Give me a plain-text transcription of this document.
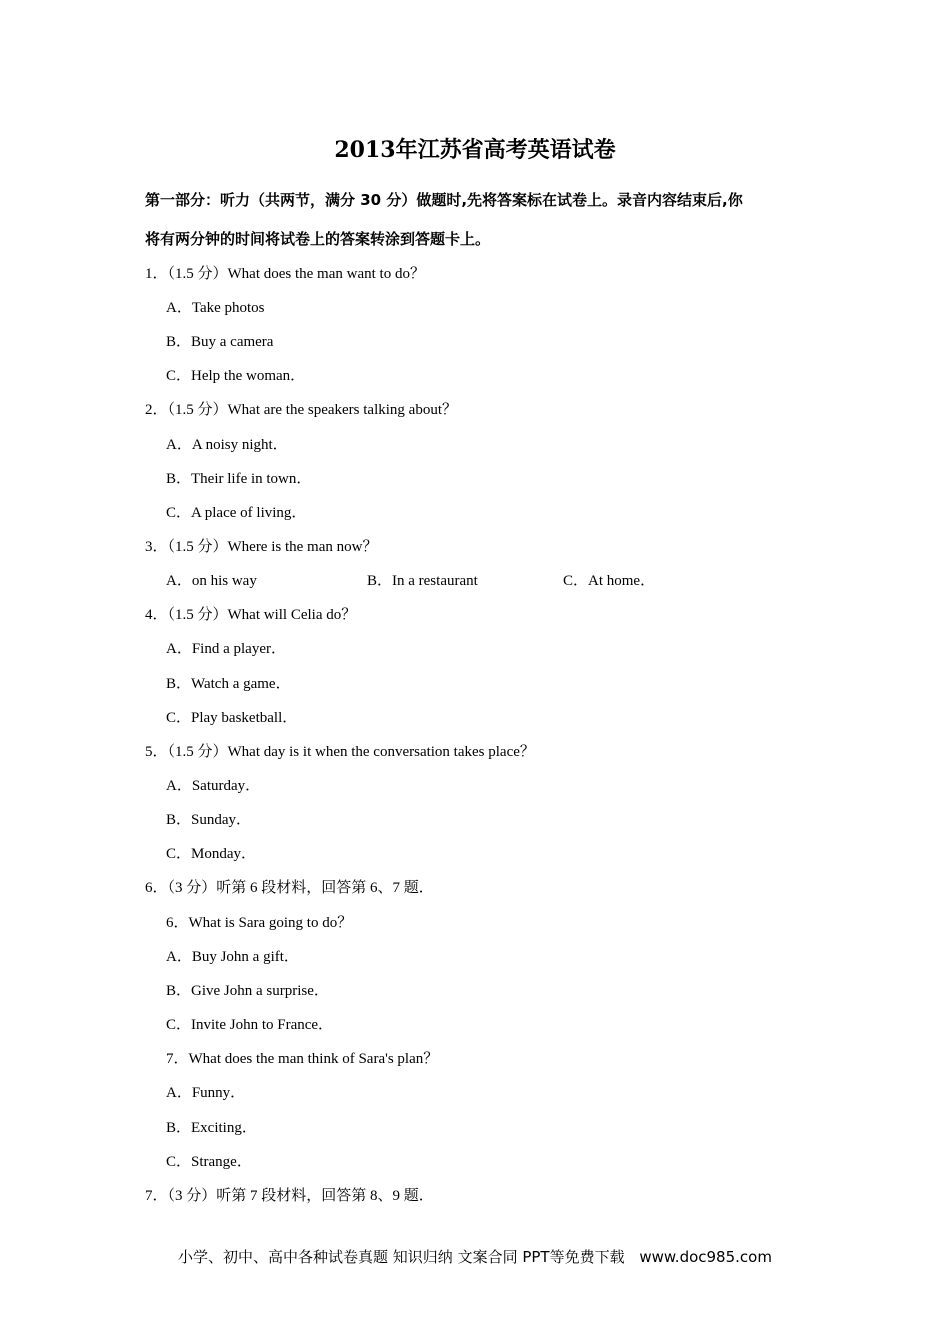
2013年江苏省高考英语试卷
第一部分：听力（共两节，满分 30 分）做题时,先将答案标在试卷上。录音内容结束后,你
将有两分钟的时间将试卷上的答案转涂到答题卡上。
1．（1.5 分）What does the man want to do？
A．Take photos
B．Buy a camera
C．Help the woman．
2．（1.5 分）What are the speakers talking about？
A．A noisy night．
B．Their life in town．
C．A place of living．
3．（1.5 分）Where is the man now？
A．on his way	B．In a restaurant	C．At home．
4．（1.5 分）What will Celia do？
A．Find a player．
B．Watch a game．
C．Play basketball．
5．（1.5 分）What day is it when the conversation takes place？
A．Saturday．
B．Sunday．
C．Monday．
6．（3 分）听第 6 段材料，回答第 6、7 题．
6．What is Sara going to do？
A．Buy John a gift．
B．Give John a surprise．
C．Invite John to France．
7．What does the man think of Sara's plan？
A．Funny．
B．Exciting．
C．Strange．
7．（3 分）听第 7 段材料，回答第 8、9 题．
小学、初中、高中各种试卷真题 知识归纳 文案合同 PPT等免费下载 www.doc985.com
